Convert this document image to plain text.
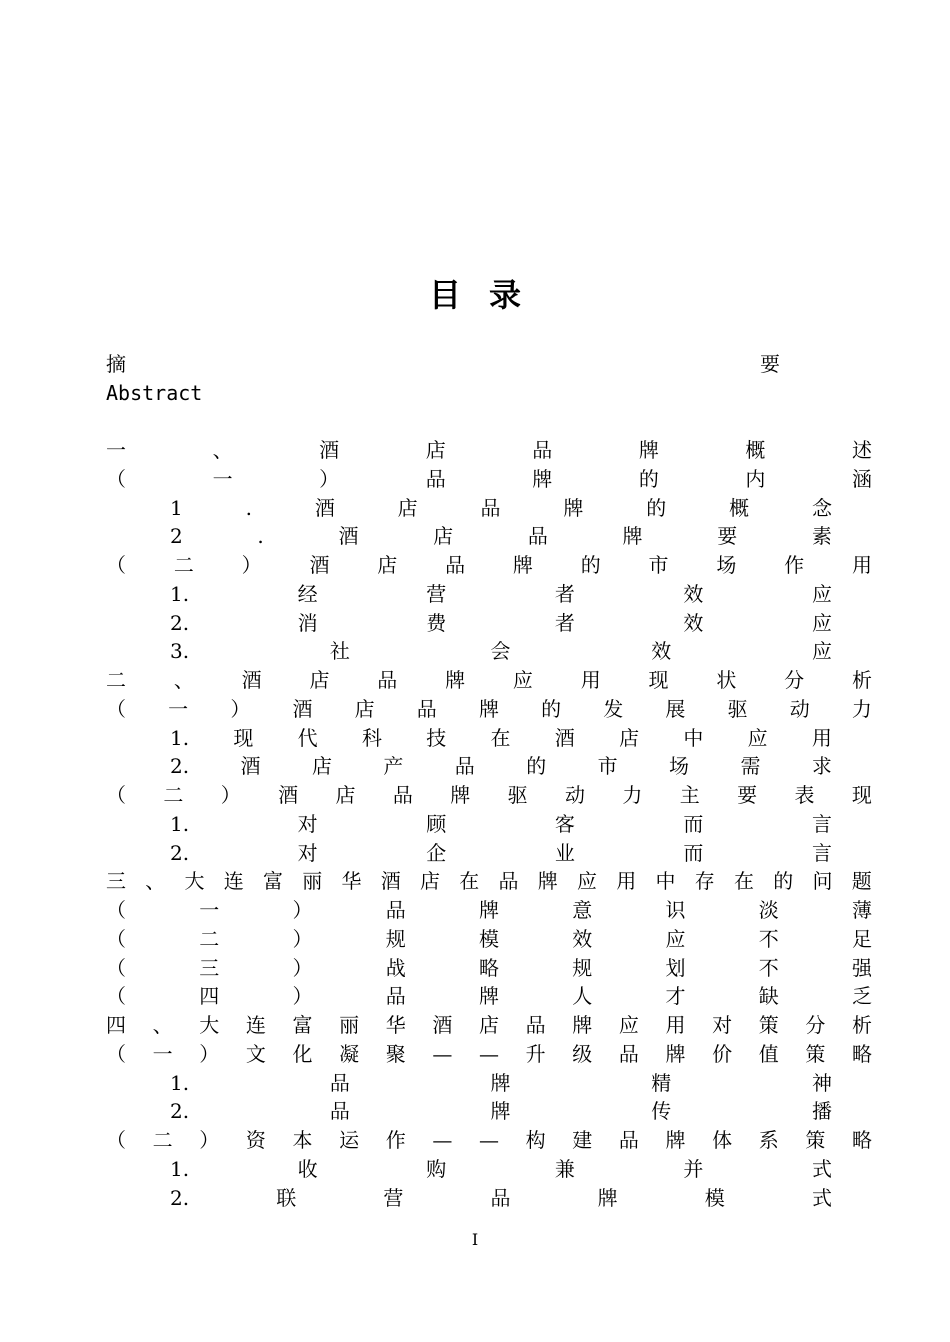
目录
摘	要
Abstract
一	、	酒	店	品	牌	概	述
（	一	）	品	牌	的	内	涵
1	.	酒	店	品	牌	的	概	念
2	.	酒	店	品	牌	要	素
（ 二 ） 酒 店 品 牌 的 市 场 作 用
1.	经	营	者	效	应
2.	消	费	者	效	应
3.	社	会	效	应
二 、 酒 店 品 牌 应 用 现 状 分 析
（ 一 ） 酒 店 品 牌 的 发 展 驱 动 力
1. 现 代 科 技 在 酒 店 中 应 用
2.	酒	店	产	品	的	市	场	需	求
（ 二 ） 酒 店 品 牌 驱 动 力 主 要 表 现
1.	对	顾	客	而	言
2.	对	企	业	而	言
三 、 大 连 富 丽 华 酒 店 在 品 牌 应 用 中 存 在 的 问 题
（	一	）	品	牌	意	识	淡	薄
（	二	）	规	模	效	应	不	足
（	三	）	战	略	规	划	不	强
（	四	）	品	牌	人	才	缺	乏
四 、 大 连 富 丽 华 酒 店 品 牌 应 用 对 策 分 析
（ 一 ） 文 化 凝 聚 — — 升 级 品 牌 价 值 策 略
1.	品	牌	精	神
2.	品	牌	传	播
（ 二 ） 资 本 运 作 — — 构 建 品 牌 体 系 策 略
1.	收	购	兼	并	式
2.	联	营	品	牌	模	式
I
